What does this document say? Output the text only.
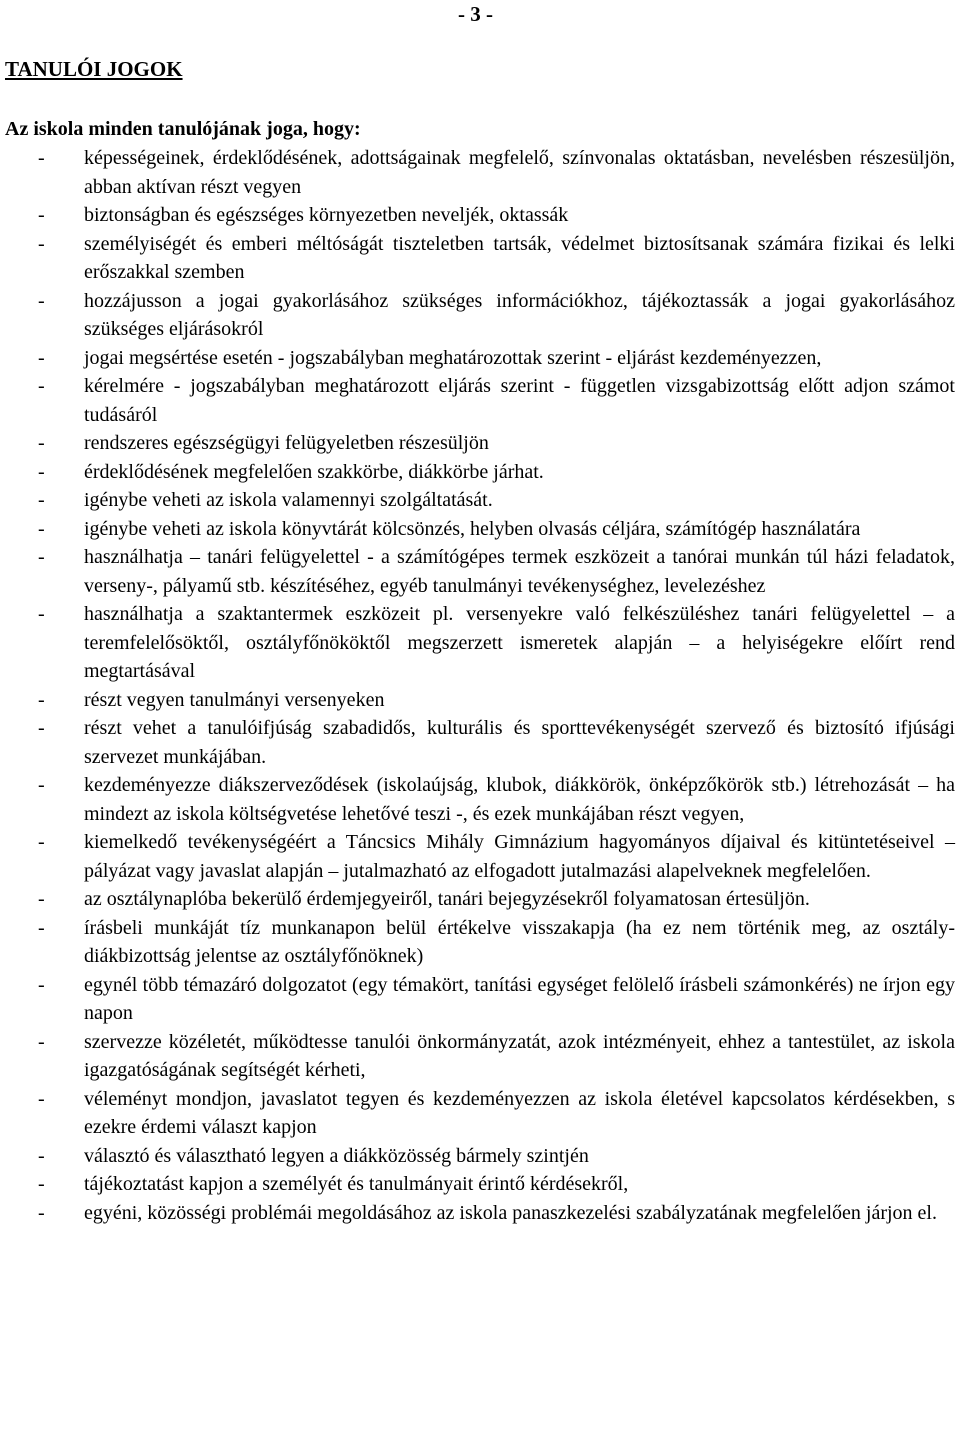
- 3 -
TANULÓI JOGOK
Az iskola minden tanulójának joga, hogy:
- képességeinek, érdeklődésének, adottságainak megfelelő, színvonalas oktatásban, nevelésben részesüljön, abban aktívan részt vegyen
- biztonságban és egészséges környezetben neveljék, oktassák
- személyiségét és emberi méltóságát tiszteletben tartsák, védelmet biztosítsanak számára fizikai és lelki erőszakkal szemben
- hozzájusson a jogai gyakorlásához szükséges információkhoz, tájékoztassák a jogai gyakorlásához szükséges eljárásokról
- jogai megsértése esetén - jogszabályban meghatározottak szerint - eljárást kezdeményezzen,
- kérelmére - jogszabályban meghatározott eljárás szerint - független vizsgabizottság előtt adjon számot tudásáról
- rendszeres egészségügyi felügyeletben részesüljön
- érdeklődésének megfelelően szakkörbe, diákkörbe járhat.
- igénybe veheti az iskola valamennyi szolgáltatását.
- igénybe veheti az iskola könyvtárát kölcsönzés, helyben olvasás céljára, számítógép használatára
- használhatja – tanári felügyelettel - a számítógépes termek eszközeit a tanórai munkán túl házi feladatok, verseny-, pályamű stb. készítéséhez, egyéb tanulmányi tevékenységhez, levelezéshez
- használhatja a szaktantermek eszközeit pl. versenyekre való felkészüléshez tanári felügyelettel – a teremfelelősöktől, osztályfőnököktől megszerzett ismeretek alapján – a helyiségekre előírt rend megtartásával
- részt vegyen tanulmányi versenyeken
- részt vehet a tanulóifjúság szabadidős, kulturális és sporttevékenységét szervező és biztosító ifjúsági szervezet munkájában.
- kezdeményezze diákszerveződések (iskolaújság, klubok, diákkörök, önképzőkörök stb.) létrehozását – ha mindezt az iskola költségvetése lehetővé teszi -, és ezek munkájában részt vegyen,
- kiemelkedő tevékenységéért a Táncsics Mihály Gimnázium hagyományos díjaival és kitüntetéseivel – pályázat vagy javaslat alapján – jutalmazható az elfogadott jutalmazási alapelveknek megfelelően.
- az osztálynaplóba bekerülő érdemjegyeiről, tanári bejegyzésekről folyamatosan értesüljön.
- írásbeli munkáját tíz munkanapon belül értékelve visszakapja (ha ez nem történik meg, az osztály-diákbizottság jelentse az osztályfőnöknek)
- egynél több témazáró dolgozatot (egy témakört, tanítási egységet felölelő írásbeli számonkérés) ne írjon egy napon
- szervezze közéletét, működtesse tanulói önkormányzatát, azok intézményeit, ehhez a tantestület, az iskola igazgatóságának segítségét kérheti,
- véleményt mondjon, javaslatot tegyen és kezdeményezzen az iskola életével kapcsolatos kérdésekben, s ezekre érdemi választ kapjon
- választó és választható legyen a diákközösség bármely szintjén
- tájékoztatást kapjon a személyét és tanulmányait érintő kérdésekről,
- egyéni, közösségi problémái megoldásához az iskola panaszkezelési szabályzatának megfelelően járjon el.
